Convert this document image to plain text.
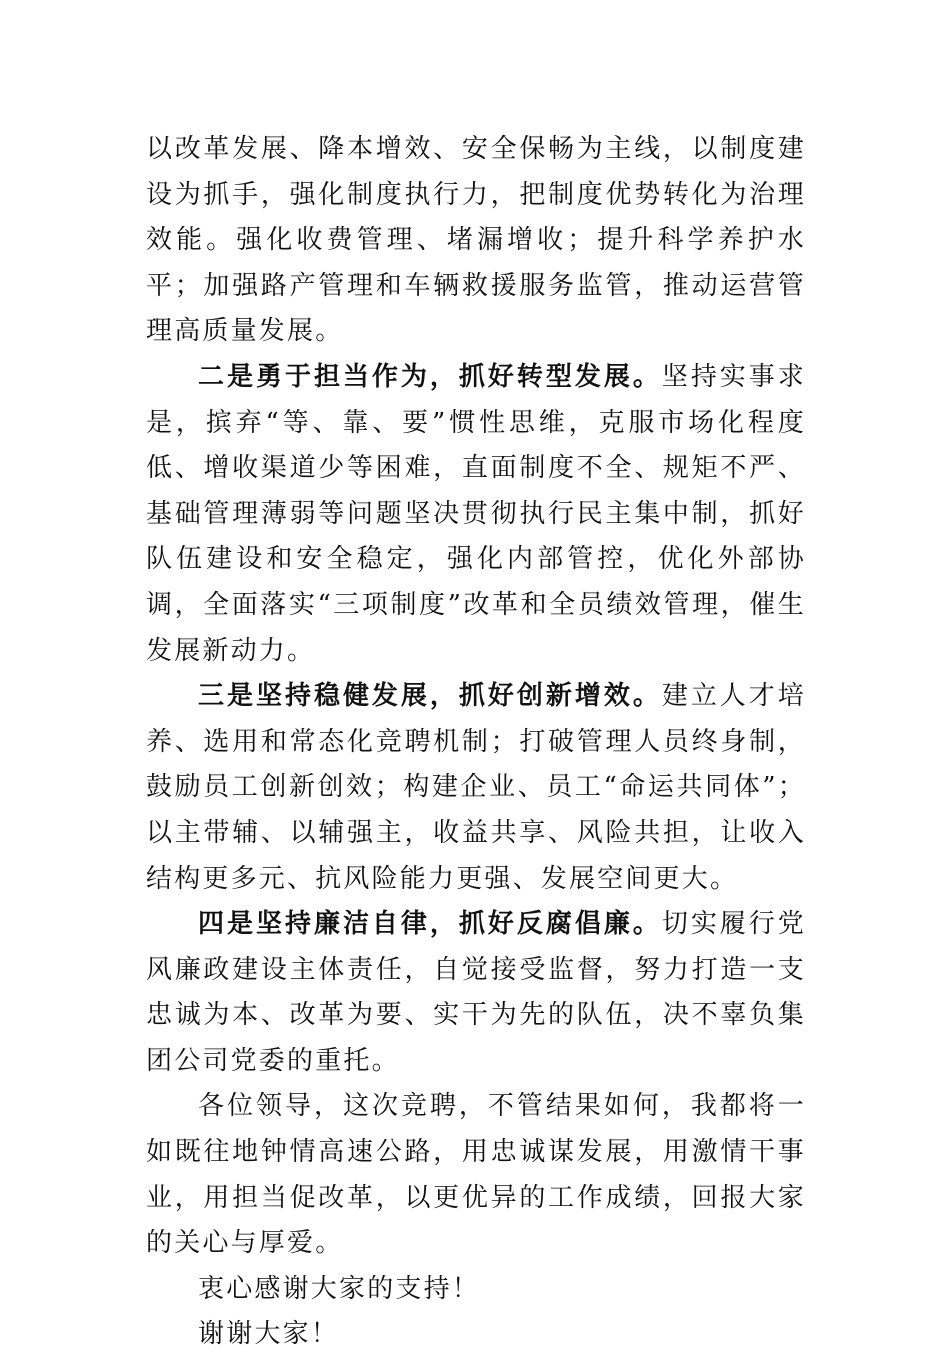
以改革发展、降本增效、安全保畅为主线，以制度建设为抓手，强化制度执行力，把制度优势转化为治理效能。强化收费管理、堵漏增收；提升科学养护水平；加强路产管理和车辆救援服务监管，推动运营管理高质量发展。

二是勇于担当作为，抓好转型发展。坚持实事求是，摈弃“等、靠、要”惯性思维，克服市场化程度低、增收渠道少等困难，直面制度不全、规矩不严、基础管理薄弱等问题坚决贯彻执行民主集中制，抓好队伍建设和安全稳定，强化内部管控，优化外部协调，全面落实“三项制度”改革和全员绩效管理，催生发展新动力。

三是坚持稳健发展，抓好创新增效。建立人才培养、选用和常态化竞聘机制；打破管理人员终身制，鼓励员工创新创效；构建企业、员工“命运共同体”；以主带辅、以辅强主，收益共享、风险共担，让收入结构更多元、抗风险能力更强、发展空间更大。

四是坚持廉洁自律，抓好反腐倡廉。切实履行党风廉政建设主体责任，自觉接受监督，努力打造一支忠诚为本、改革为要、实干为先的队伍，决不辜负集团公司党委的重托。

各位领导，这次竞聘，不管结果如何，我都将一如既往地钟情高速公路，用忠诚谋发展，用激情干事业，用担当促改革，以更优异的工作成绩，回报大家的关心与厚爱。

衷心感谢大家的支持！

谢谢大家！
